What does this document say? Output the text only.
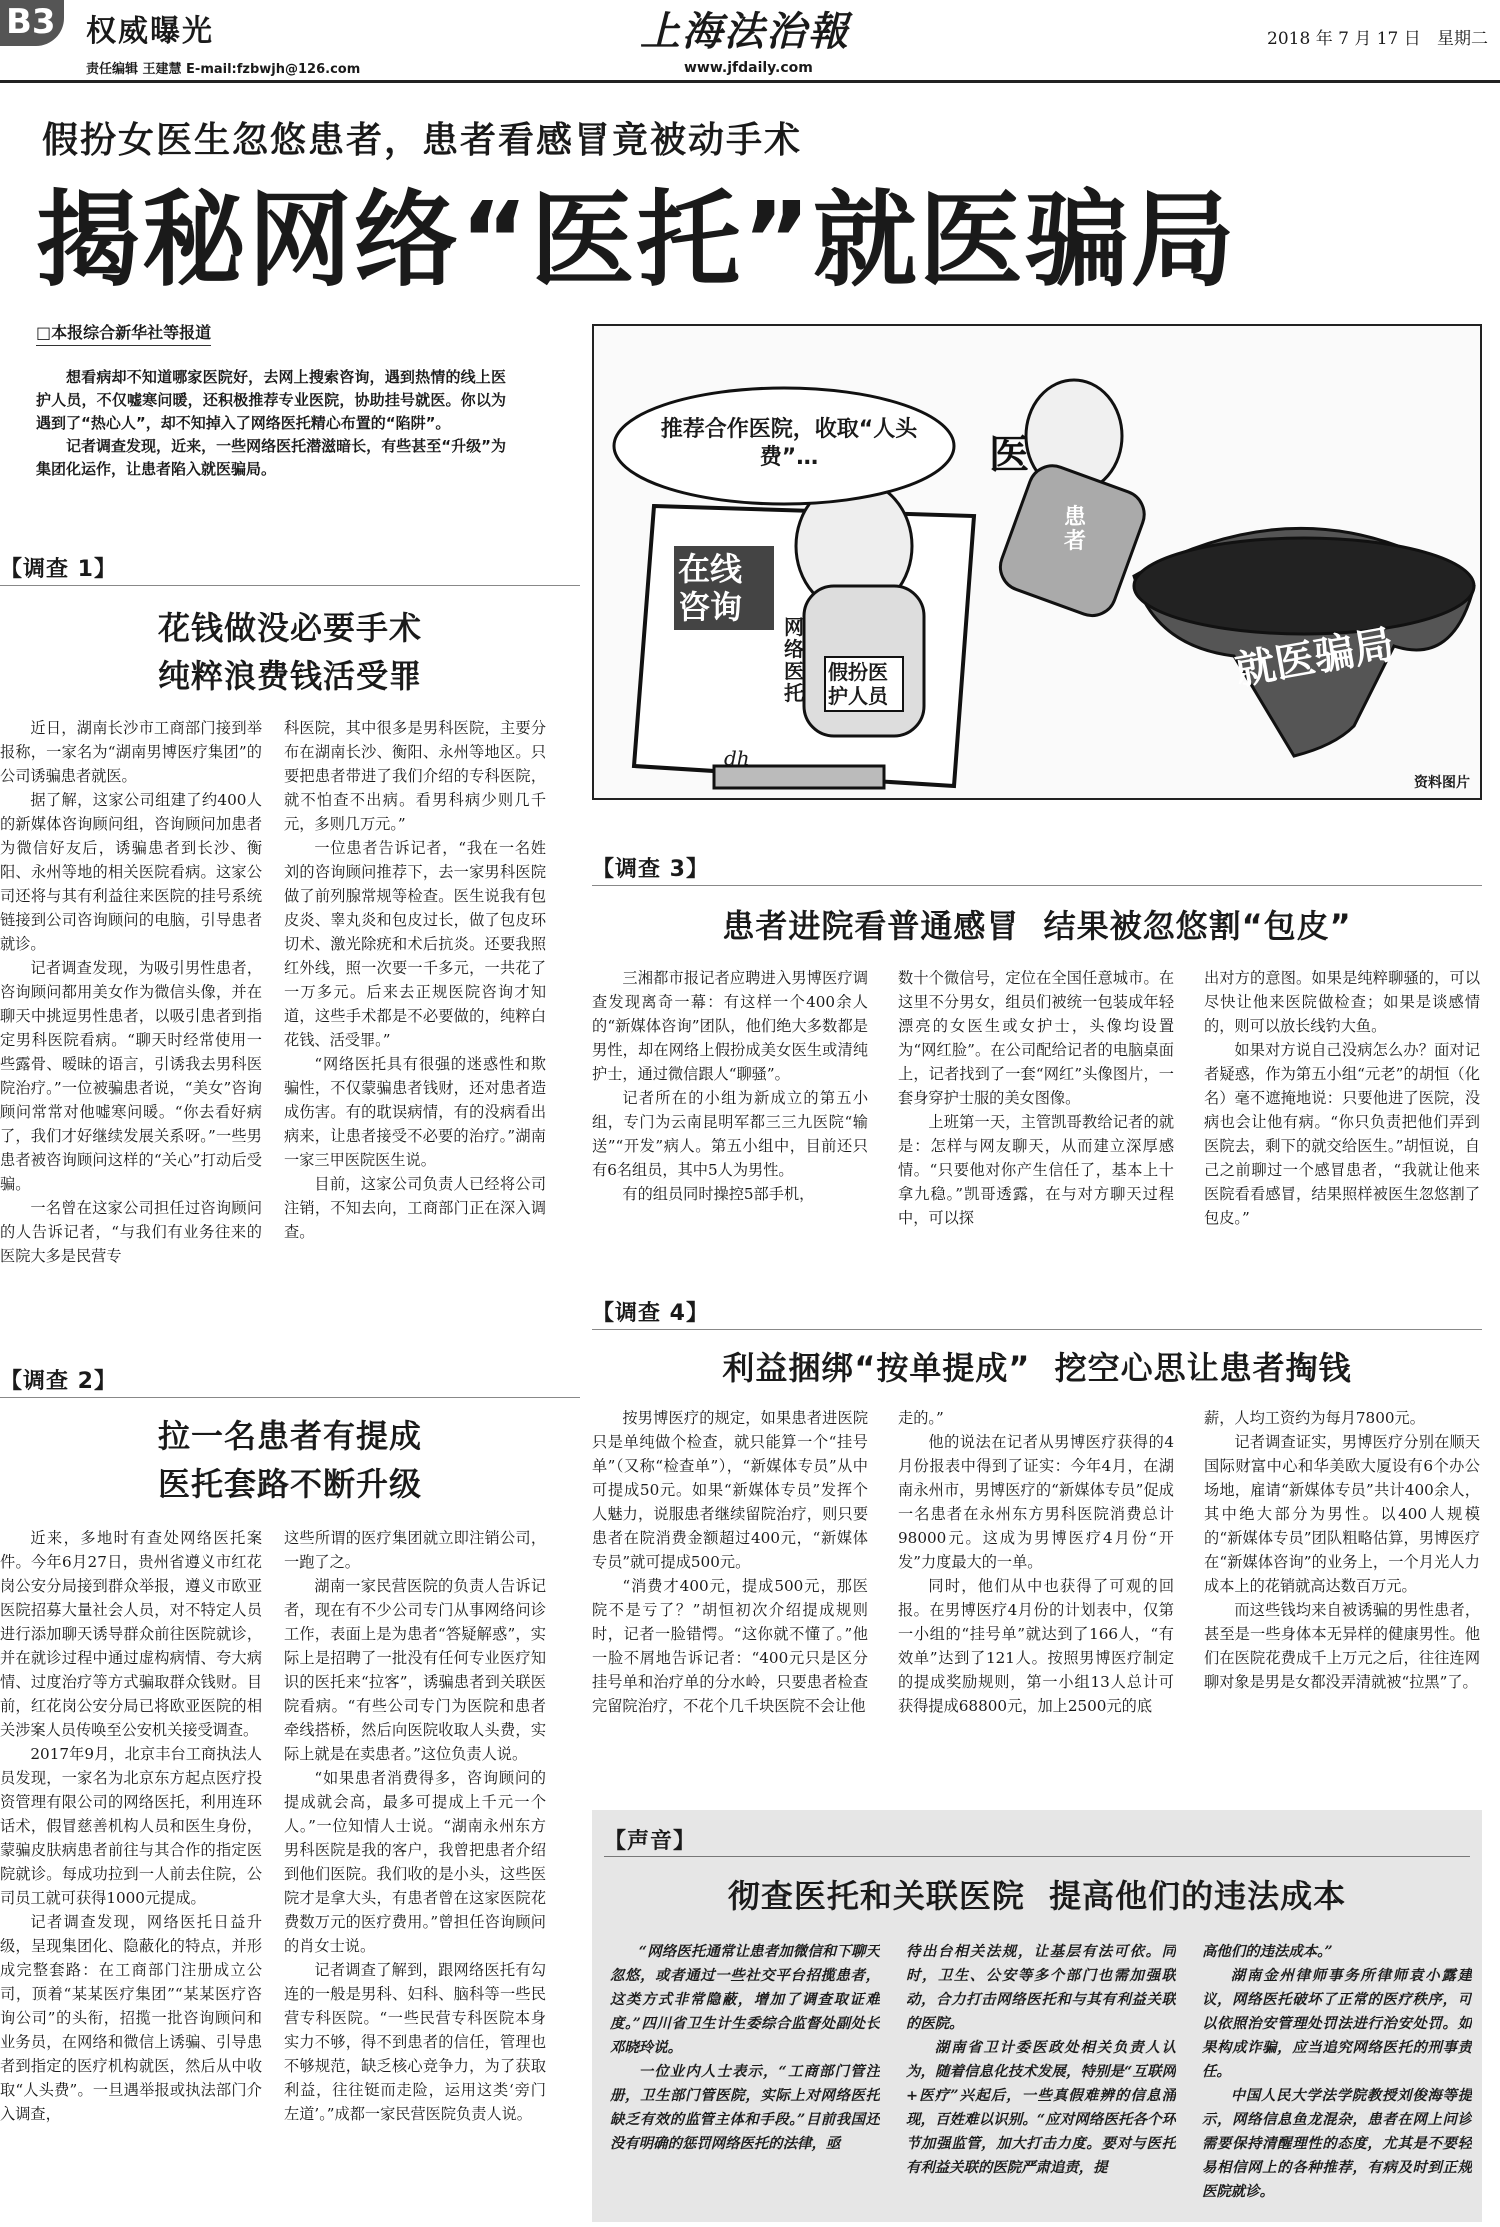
B3 权威曝光	上海法治報	2018 年 7 月 17 日   星期二
责任编辑 王建慧 E-mail:fzbwjh@126.com	www.jfdaily.com
假扮女医生忽悠患者，患者看感冒竟被动手术
揭秘网络“医托”就医骗局
□本报综合新华社等报道

想看病却不知道哪家医院好，去网上搜索咨询，遇到热情的线上医护人员，不仅嘘寒问暖，还积极推荐专业医院，协助挂号就医。你以为遇到了“热心人”，却不知掉入了网络医托精心布置的“陷阱”。

记者调查发现，近来，一些网络医托潜滋暗长，有些甚至“升级”为集团化运作，让患者陷入就医骗局。	医
推荐合作医院，收取“人头费”…
在线咨询
网络医托
假扮医护人员
患者
就医骗局
dh
资料图片
【调查 1】
花钱做没必要手术
纯粹浪费钱活受罪

近日，湖南长沙市工商部门接到举报称，一家名为“湖南男博医疗集团”的公司诱骗患者就医。

据了解，这家公司组建了约400人的新媒体咨询顾问组，咨询顾问加患者为微信好友后，诱骗患者到长沙、衡阳、永州等地的相关医院看病。这家公司还将与其有利益往来医院的挂号系统链接到公司咨询顾问的电脑，引导患者就诊。

记者调查发现，为吸引男性患者，咨询顾问都用美女作为微信头像，并在聊天中挑逗男性患者，以吸引患者到指定男科医院看病。“聊天时经常使用一些露骨、暧昧的语言，引诱我去男科医院治疗。”一位被骗患者说，“美女”咨询顾问常常对他嘘寒问暖。“你去看好病了，我们才好继续发展关系呀。”一些男患者被咨询顾问这样的“关心”打动后受骗。

一名曾在这家公司担任过咨询顾问的人告诉记者，“与我们有业务往来的医院大多是民营专

科医院，其中很多是男科医院，主要分布在湖南长沙、衡阳、永州等地区。只要把患者带进了我们介绍的专科医院，就不怕查不出病。看男科病少则几千元，多则几万元。”

一位患者告诉记者，“我在一名姓刘的咨询顾问推荐下，去一家男科医院做了前列腺常规等检查。医生说我有包皮炎、睾丸炎和包皮过长，做了包皮环切术、激光除疣和术后抗炎。还要我照红外线，照一次要一千多元，一共花了一万多元。后来去正规医院咨询才知道，这些手术都是不必要做的，纯粹白花钱、活受罪。”

“网络医托具有很强的迷惑性和欺骗性，不仅蒙骗患者钱财，还对患者造成伤害。有的耽误病情，有的没病看出病来，让患者接受不必要的治疗。”湖南一家三甲医院医生说。

目前，这家公司负责人已经将公司注销，不知去向，工商部门正在深入调查。

【调查 2】
拉一名患者有提成
医托套路不断升级

近来，多地时有查处网络医托案件。今年6月27日，贵州省遵义市红花岗公安分局接到群众举报，遵义市欧亚医院招募大量社会人员，对不特定人员进行添加聊天诱导群众前往医院就诊，并在就诊过程中通过虚构病情、夸大病情、过度治疗等方式骗取群众钱财。目前，红花岗公安分局已将欧亚医院的相关涉案人员传唤至公安机关接受调查。

2017年9月，北京丰台工商执法人员发现，一家名为北京东方起点医疗投资管理有限公司的网络医托，利用连环话术，假冒慈善机构人员和医生身份，蒙骗皮肤病患者前往与其合作的指定医院就诊。每成功拉到一人前去住院，公司员工就可获得1000元提成。

记者调查发现，网络医托日益升级，呈现集团化、隐蔽化的特点，并形成完整套路：在工商部门注册成立公司，顶着“某某医疗集团”“某某医疗咨询公司”的头衔，招揽一批咨询顾问和业务员，在网络和微信上诱骗、引导患者到指定的医疗机构就医，然后从中收取“人头费”。一旦遇举报或执法部门介入调查，

这些所谓的医疗集团就立即注销公司，一跑了之。

湖南一家民营医院的负责人告诉记者，现在有不少公司专门从事网络问诊工作，表面上是为患者“答疑解惑”，实际上是招聘了一批没有任何专业医疗知识的医托来“拉客”，诱骗患者到关联医院看病。“有些公司专门为医院和患者牵线搭桥，然后向医院收取人头费，实际上就是在卖患者。”这位负责人说。

“如果患者消费得多，咨询顾问的提成就会高，最多可提成上千元一个人。”一位知情人士说。“湖南永州东方男科医院是我的客户，我曾把患者介绍到他们医院。我们收的是小头，这些医院才是拿大头，有患者曾在这家医院花费数万元的医疗费用。”曾担任咨询顾问的肖女士说。

记者调查了解到，跟网络医托有勾连的一般是男科、妇科、脑科等一些民营专科医院。“一些民营专科医院本身实力不够，得不到患者的信任，管理也不够规范，缺乏核心竞争力，为了获取利益，往往铤而走险，运用这类‘旁门左道’。”成都一家民营医院负责人说。

【调查 3】
患者进院看普通感冒  结果被忽悠割“包皮”

三湘都市报记者应聘进入男博医疗调查发现离奇一幕：有这样一个400余人的“新媒体咨询”团队，他们绝大多数都是男性，却在网络上假扮成美女医生或清纯护士，通过微信跟人“聊骚”。

记者所在的小组为新成立的第五小组，专门为云南昆明军都三三九医院“输送”“开发”病人。第五小组中，目前还只有6名组员，其中5人为男性。

有的组员同时操控5部手机，

数十个微信号，定位在全国任意城市。在这里不分男女，组员们被统一包装成年轻漂亮的女医生或女护士，头像均设置为“网红脸”。在公司配给记者的电脑桌面上，记者找到了一套“网红”头像图片，一套身穿护士服的美女图像。

上班第一天，主管凯哥教给记者的就是：怎样与网友聊天，从而建立深厚感情。“只要他对你产生信任了，基本上十拿九稳。”凯哥透露，在与对方聊天过程中，可以探

出对方的意图。如果是纯粹聊骚的，可以尽快让他来医院做检查；如果是谈感情的，则可以放长线钓大鱼。

如果对方说自己没病怎么办？面对记者疑惑，作为第五小组“元老”的胡恒（化名）毫不遮掩地说：只要他进了医院，没病也会让他有病。“你只负责把他们弄到医院去，剩下的就交给医生。”胡恒说，自己之前聊过一个感冒患者，“我就让他来医院看看感冒，结果照样被医生忽悠割了包皮。”

【调查 4】
利益捆绑“按单提成”  挖空心思让患者掏钱

按男博医疗的规定，如果患者进医院只是单纯做个检查，就只能算一个“挂号单”（又称“检查单”），“新媒体专员”从中可提成50元。如果“新媒体专员”发挥个人魅力，说服患者继续留院治疗，则只要患者在院消费金额超过400元，“新媒体专员”就可提成500元。

“消费才400元，提成500元，那医院不是亏了？”胡恒初次介绍提成规则时，记者一脸错愕。“这你就不懂了。”他一脸不屑地告诉记者：“400元只是区分挂号单和治疗单的分水岭，只要患者检查完留院治疗，不花个几千块医院不会让他

走的。”

他的说法在记者从男博医疗获得的4月份报表中得到了证实：今年4月，在湖南永州市，男博医疗的“新媒体专员”促成一名患者在永州东方男科医院消费总计98000元。这成为男博医疗4月份“开发”力度最大的一单。

同时，他们从中也获得了可观的回报。在男博医疗4月份的计划表中，仅第一小组的“挂号单”就达到了166人，“有效单”达到了121人。按照男博医疗制定的提成奖励规则，第一小组13人总计可获得提成68800元，加上2500元的底

薪，人均工资约为每月7800元。

记者调查证实，男博医疗分别在顺天国际财富中心和华美欧大厦设有6个办公场地，雇请“新媒体专员”共计400余人，其中绝大部分为男性。以400人规模的“新媒体专员”团队粗略估算，男博医疗在“新媒体咨询”的业务上，一个月光人力成本上的花销就高达数百万元。

而这些钱均来自被诱骗的男性患者，甚至是一些身体本无异样的健康男性。他们在医院花费成千上万元之后，往往连网聊对象是男是女都没弄清就被“拉黑”了。

【声音】
彻查医托和关联医院  提高他们的违法成本

“网络医托通常让患者加微信和下聊天忽悠，或者通过一些社交平台招揽患者，这类方式非常隐蔽，增加了调查取证难度。”四川省卫生计生委综合监督处副处长邓晓玲说。

一位业内人士表示，“工商部门管注册，卫生部门管医院，实际上对网络医托缺乏有效的监管主体和手段。”目前我国还没有明确的惩罚网络医托的法律，亟

待出台相关法规，让基层有法可依。同时，卫生、公安等多个部门也需加强联动，合力打击网络医托和与其有利益关联的医院。

湖南省卫计委医政处相关负责人认为，随着信息化技术发展，特别是“互联网+医疗”兴起后，一些真假难辨的信息涌现，百姓难以识别。“应对网络医托各个环节加强监管，加大打击力度。要对与医托有利益关联的医院严肃追责，提

高他们的违法成本。”

湖南金州律师事务所律师袁小露建议，网络医托破坏了正常的医疗秩序，可以依照治安管理处罚法进行治安处罚。如果构成诈骗，应当追究网络医托的刑事责任。

中国人民大学法学院教授刘俊海等提示，网络信息鱼龙混杂，患者在网上问诊需要保持清醒理性的态度，尤其是不要轻易相信网上的各种推荐，有病及时到正规医院就诊。
